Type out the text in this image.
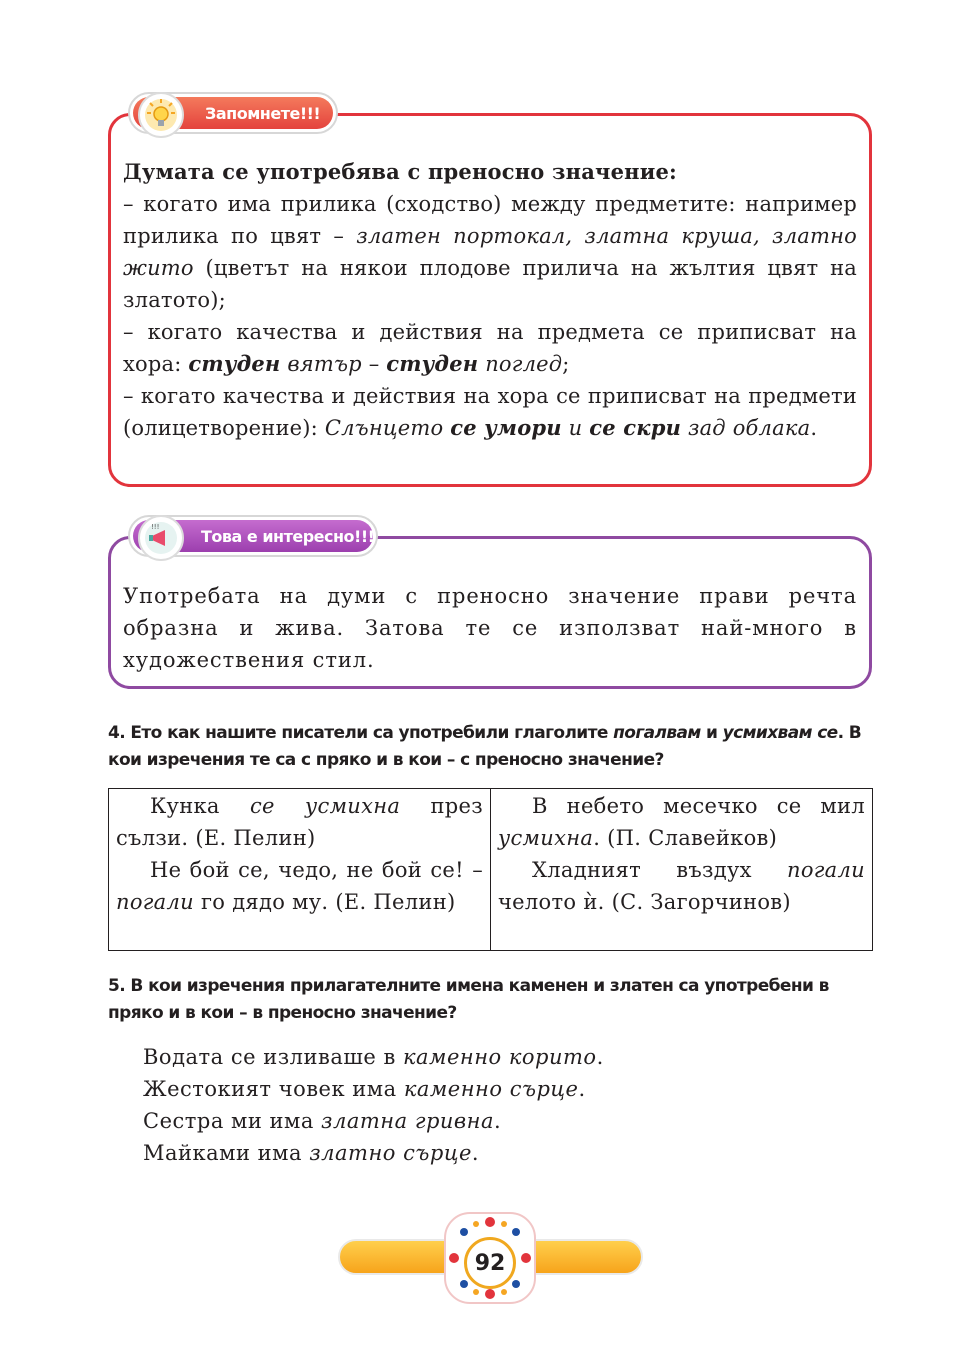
Думата се употребява с преносно значение:

– когато има прилика (сходство) между предметите: например прилика по цвят – златен портокал, златна круша, златно жито (цветът на някои плодове прилича на жълтия цвят на златото);

– когато качества и действия на предмета се приписват на хора: студен вятър – студен поглед;

– когато качества и действия на хора се приписват на предмети (олицетворение): Слънцето се умори и се скри зад облака.

Запомнете!!!
Употребата на думи с преносно значение прави речта образна и жива. Затова те се използват най-много в художествения стил.
Това е интересно!!!
!!!
4. Ето как нашите писатели са употребили глаголите погалвам и усмихвам се. В кои изречения те са с пряко и в кои – с преносно значение?

Кунка се усмихна през сълзи. (Е. Пелин)

Не бой се, чедо, не бой се! – погали го дядо му. (Е. Пелин)

В небето месечко се мил усмихна. (П. Славейков)

Хладният въздух погали челото ѝ. (С. Загорчинов)

5. В кои изречения прилагателните имена каменен и златен са употребени в пряко и в кои – в преносно значение?

Водата се изливаше в каменно корито.

Жестокият човек има каменно сърце.

Сестра ми има златна гривна.

Майками има златно сърце.

92
